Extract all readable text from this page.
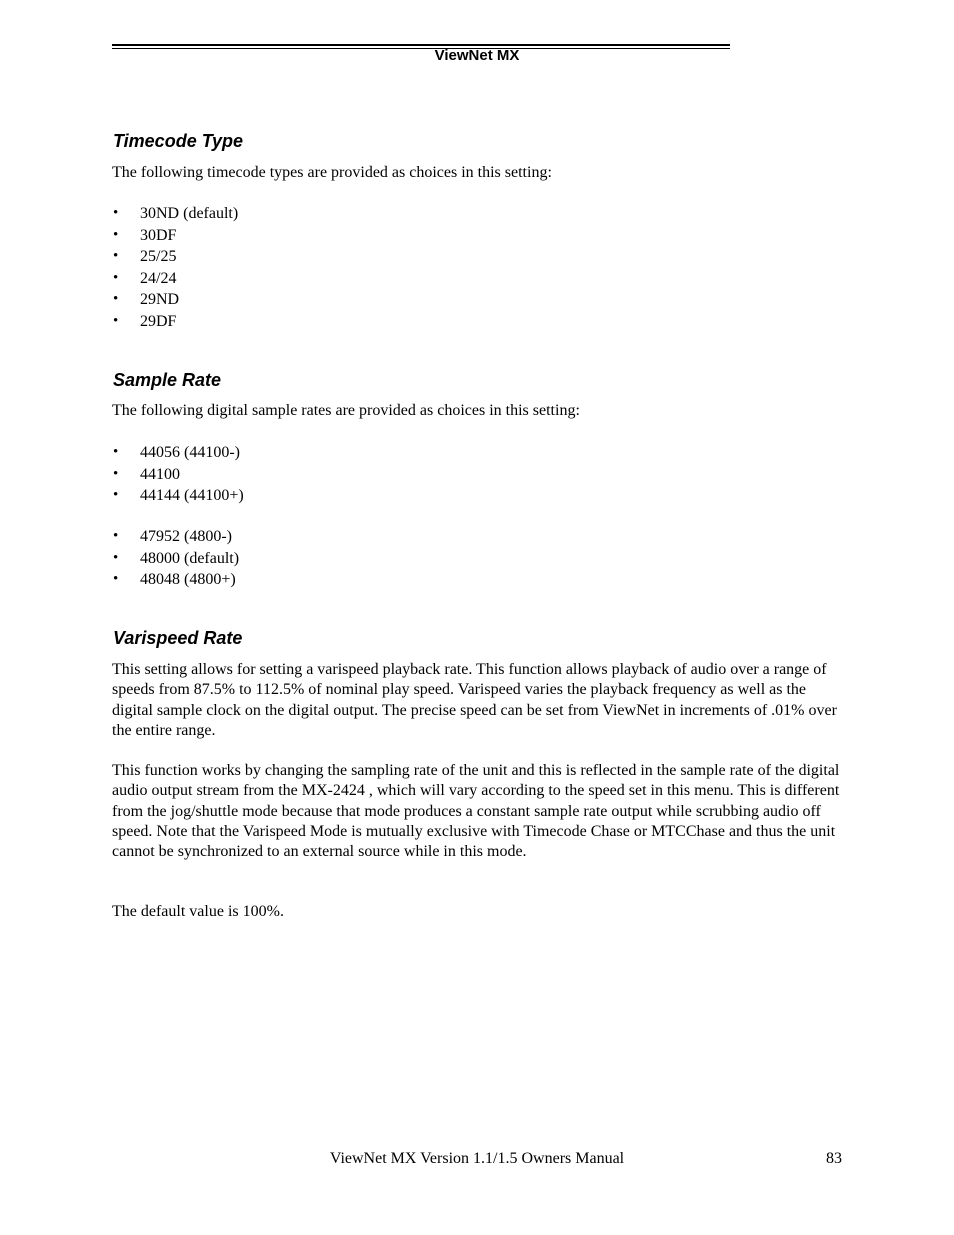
ViewNet MX
Timecode Type
The following timecode types are provided as choices in this setting:
• 30ND (default)
• 30DF
• 25/25
• 24/24
• 29ND
• 29DF
Sample Rate
The following digital sample rates are provided as choices in this setting:
• 44056 (44100-)
• 44100
• 44144 (44100+)
• 47952 (4800-)
• 48000 (default)
• 48048 (4800+)
Varispeed Rate
This setting allows for setting a varispeed playback rate. This function allows playback of audio over a range of speeds from 87.5% to 112.5% of nominal play speed. Varispeed varies the playback frequency as well as the digital sample clock on the digital output. The precise speed can be set from ViewNet in increments of .01% over the entire range.
This function works by changing the sampling rate of the unit and this is reflected in the sample rate of the digital audio output stream from the MX-2424 , which will vary according to the speed set in this menu. This is different from the jog/shuttle mode because that mode produces a constant sample rate output while scrubbing audio off speed. Note that the Varispeed Mode is mutually exclusive with Timecode Chase or MTCChase and thus the unit cannot be synchronized to an external source while in this mode.
The default value is 100%.
ViewNet MX Version 1.1/1.5 Owners Manual	83
